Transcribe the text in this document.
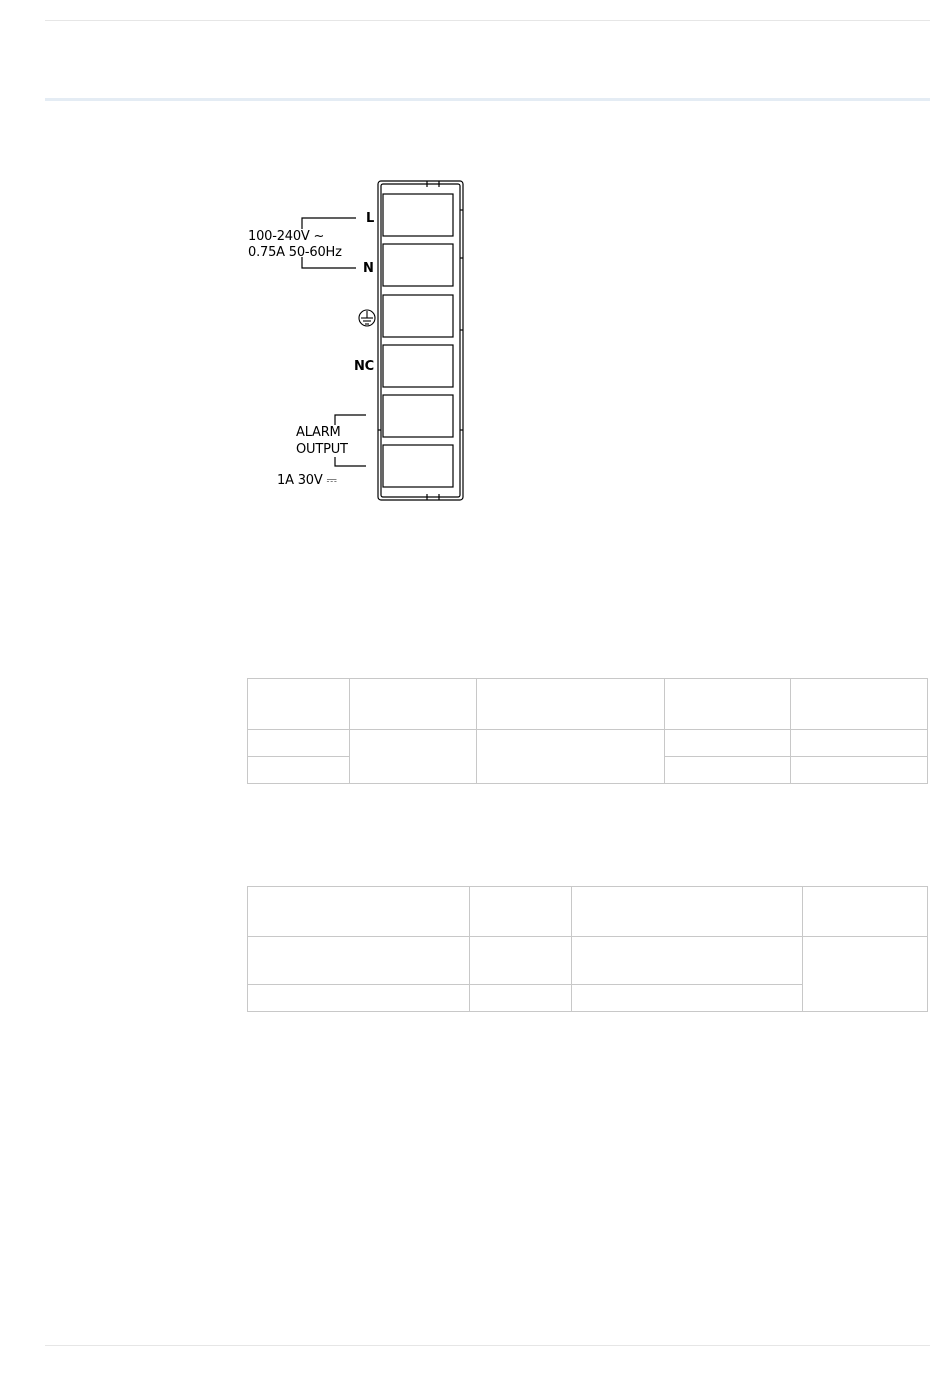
L
N
NC
100-240V ~
0.75A 50-60Hz
ALARM
OUTPUT
1A 30V ⎓
